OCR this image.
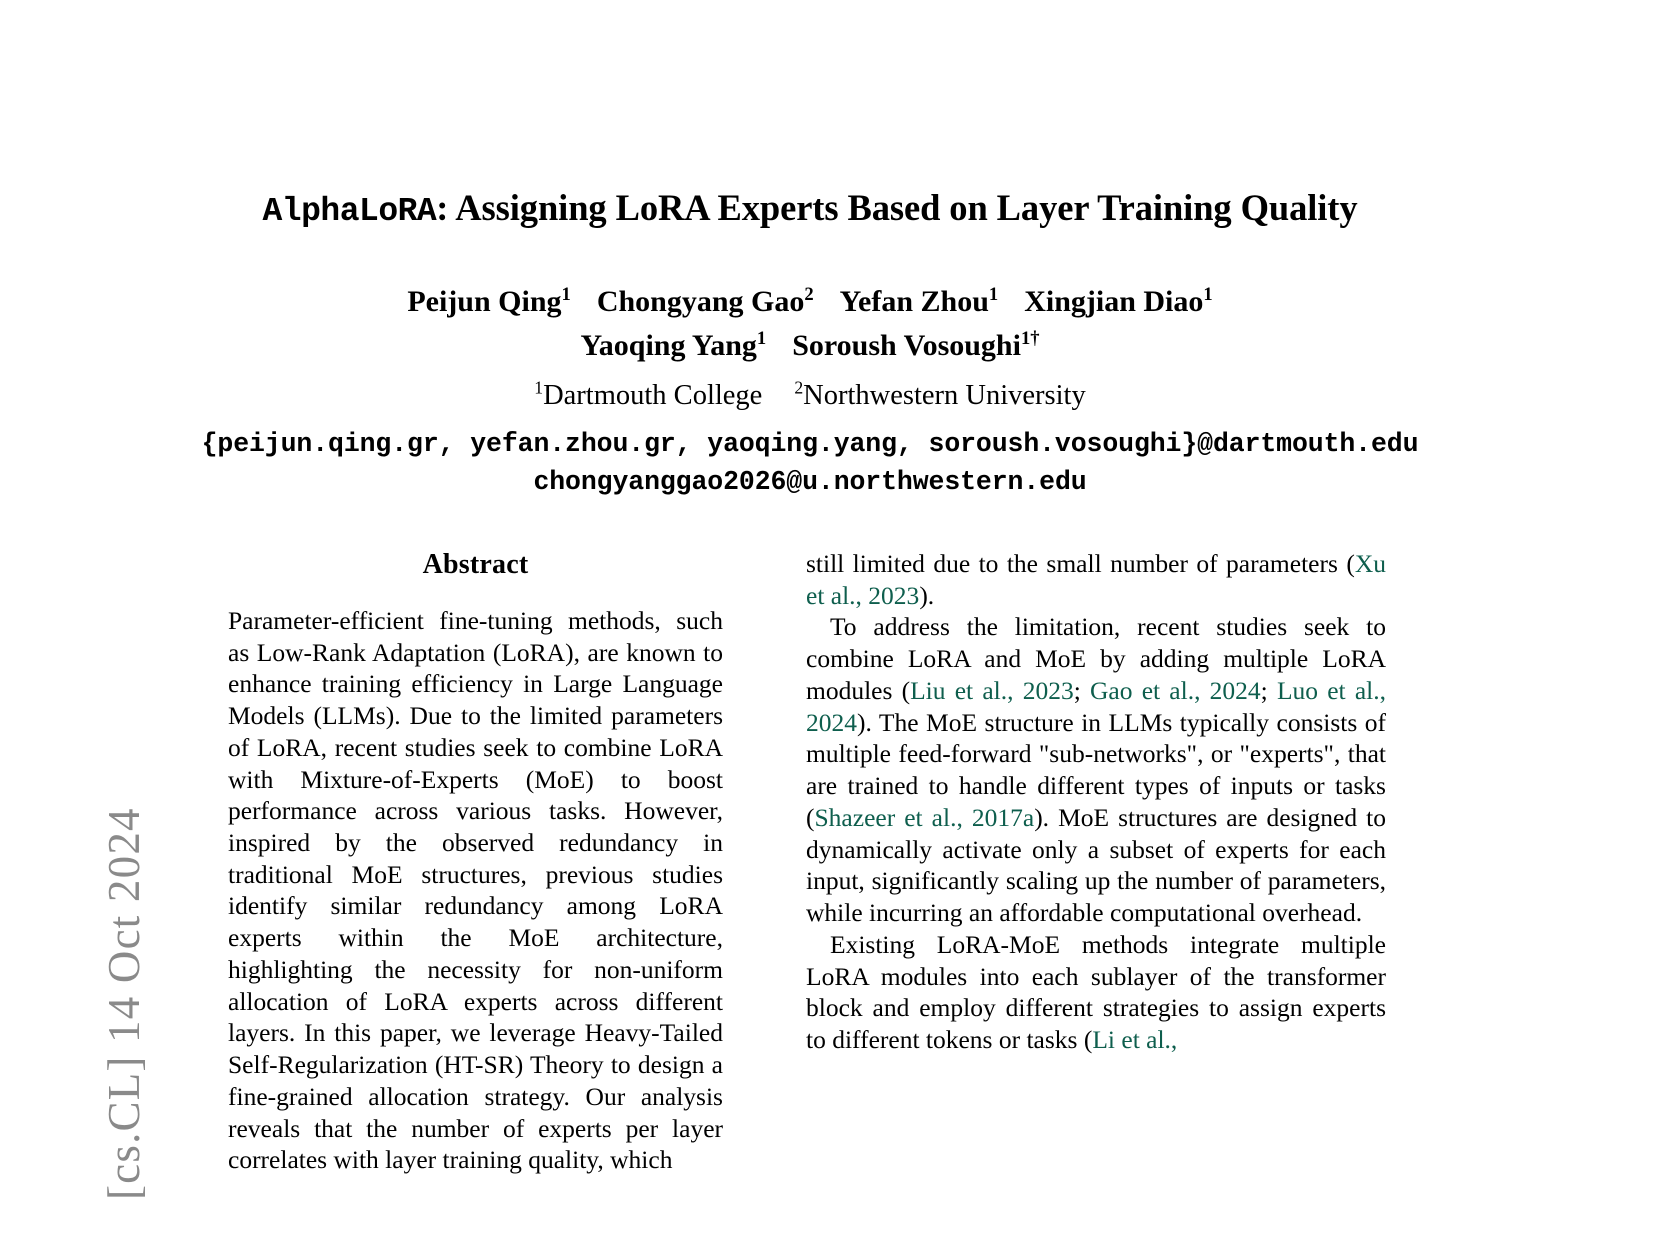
[cs.CL] 14 Oct 2024
AlphaLoRA: Assigning LoRA Experts Based on Layer Training Quality
Peijun Qing$^1$ Chongyang Gao$^2$ Yefan Zhou$^1$ Xingjian Diao$^1$
Yaoqing Yang$^1$ Soroush Vosoughi$^{1\dagger}$
$^1$Dartmouth College $^2$Northwestern University
{peijun.qing.gr, yefan.zhou.gr, yaoqing.yang, soroush.vosoughi}@dartmouth.edu
chongyanggao2026@u.northwestern.edu
Abstract

Parameter-efficient fine-tuning methods, such as Low-Rank Adaptation (LoRA), are known to enhance training efficiency in Large Language Models (LLMs). Due to the limited parameters of LoRA, recent studies seek to combine LoRA with Mixture-of-Experts (MoE) to boost performance across various tasks. However, inspired by the observed redundancy in traditional MoE structures, previous studies identify similar redundancy among LoRA experts within the MoE architecture, highlighting the necessity for non-uniform allocation of LoRA experts across different layers. In this paper, we leverage Heavy-Tailed Self-Regularization (HT-SR) Theory to design a fine-grained allocation strategy. Our analysis reveals that the number of experts per layer correlates with layer training quality, which

still limited due to the small number of parameters (Xu et al., 2023).

To address the limitation, recent studies seek to combine LoRA and MoE by adding multiple LoRA modules (Liu et al., 2023; Gao et al., 2024; Luo et al., 2024). The MoE structure in LLMs typically consists of multiple feed-forward "sub-networks", or "experts", that are trained to handle different types of inputs or tasks (Shazeer et al., 2017a). MoE structures are designed to dynamically activate only a subset of experts for each input, significantly scaling up the number of parameters, while incurring an affordable computational overhead.

Existing LoRA-MoE methods integrate multiple LoRA modules into each sublayer of the transformer block and employ different strategies to assign experts to different tokens or tasks (Li et al.,
